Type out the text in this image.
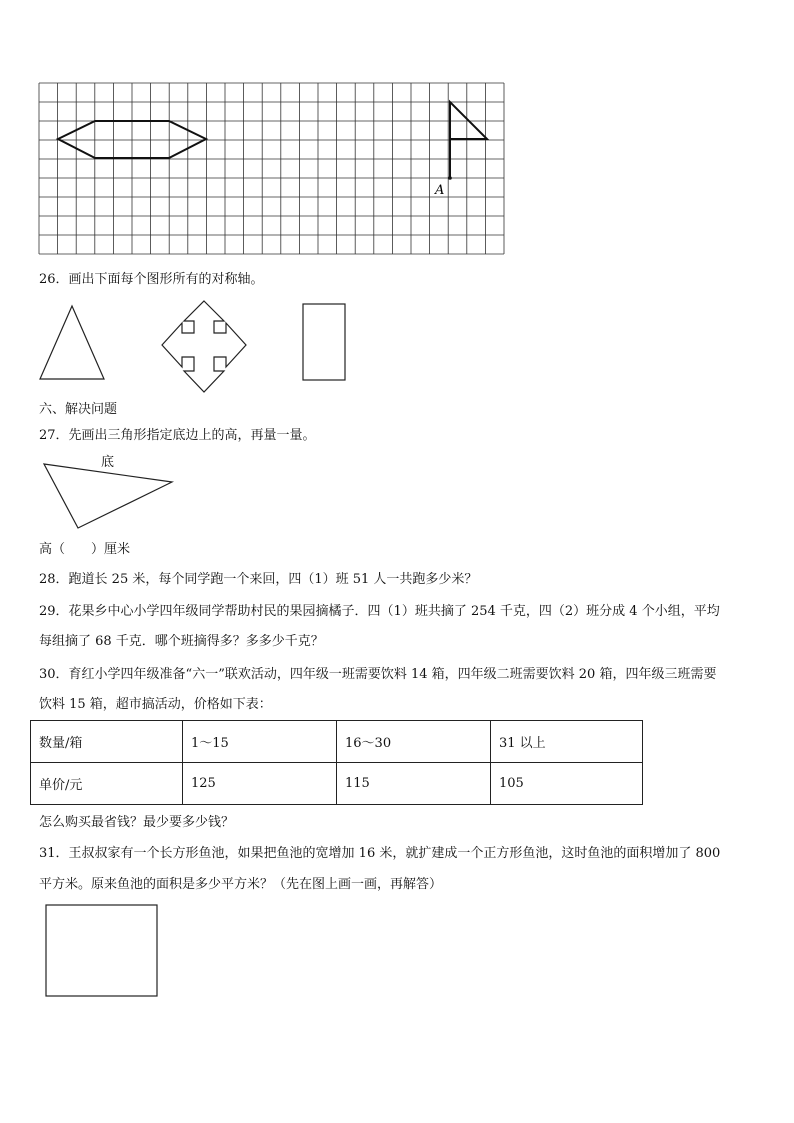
A
26．画出下面每个图形所有的对称轴。
六、解决问题
27．先画出三角形指定底边上的高，再量一量。
底
高（　　）厘米
28．跑道长 25 米，每个同学跑一个来回，四（1）班 51 人一共跑多少米？
29．花果乡中心小学四年级同学帮助村民的果园摘橘子．四（1）班共摘了 254 千克，四（2）班分成 4 个小组，平均
每组摘了 68 千克．哪个班摘得多？多多少千克？
30．育红小学四年级准备“六一”联欢活动，四年级一班需要饮料 14 箱，四年级二班需要饮料 20 箱，四年级三班需要
饮料 15 箱，超市搞活动，价格如下表：
数量/箱	1～15	16～30	31 以上
单价/元	125	115	105
怎么购买最省钱？最少要多少钱？
31．王叔叔家有一个长方形鱼池，如果把鱼池的宽增加 16 米，就扩建成一个正方形鱼池，这时鱼池的面积增加了 800
平方米。原来鱼池的面积是多少平方米？（先在图上画一画，再解答）
